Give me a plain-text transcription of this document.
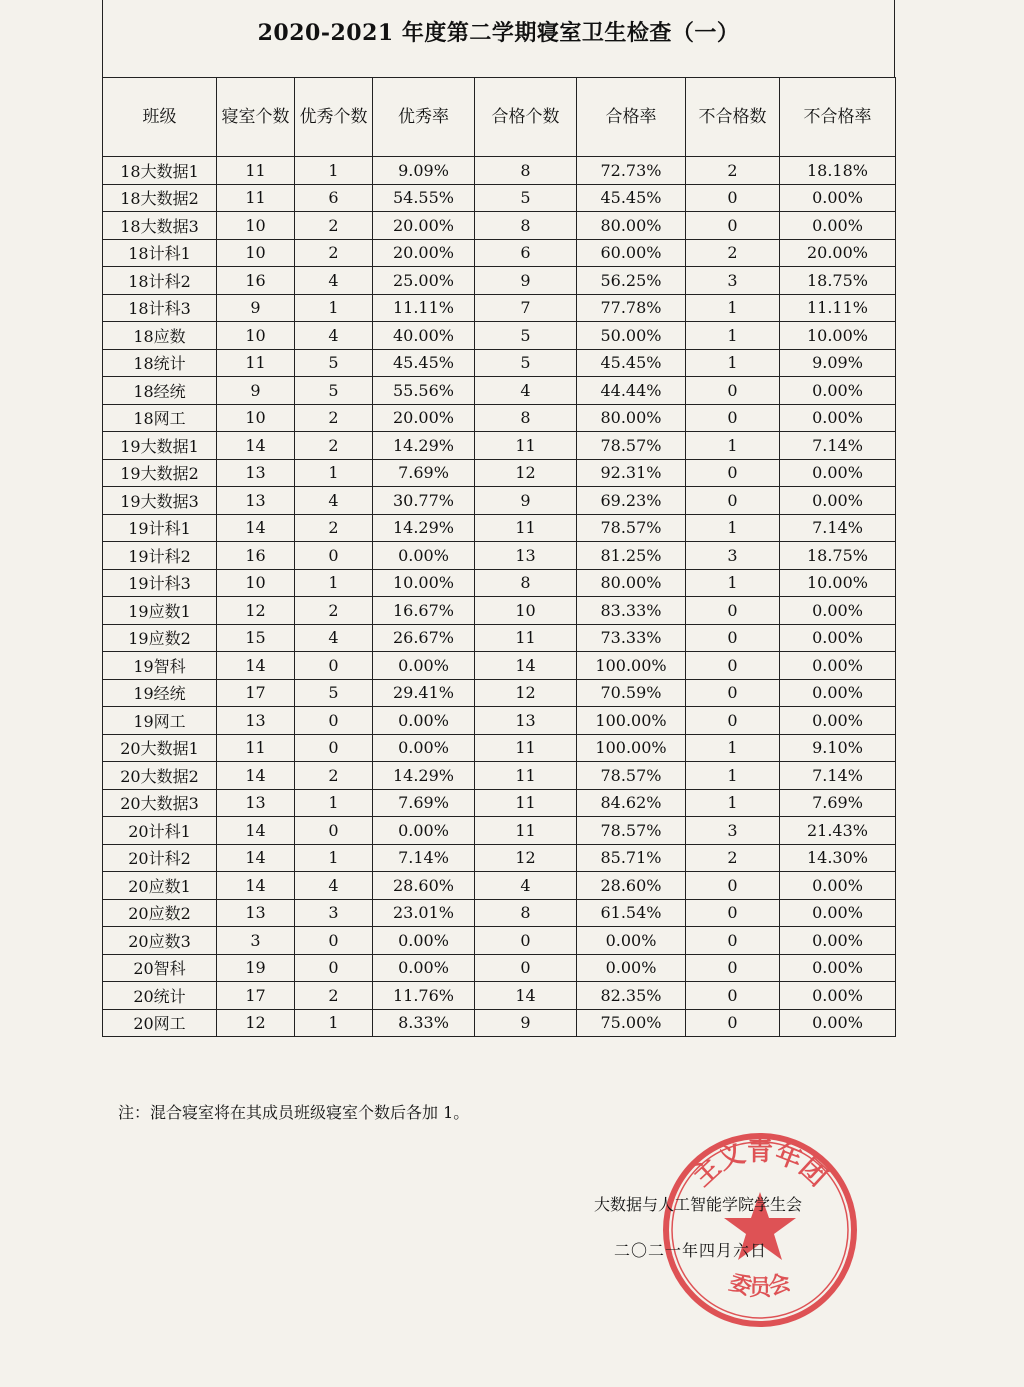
2020-2021 年度第二学期寝室卫生检查（一）
班级	寝室个数	优秀个数	优秀率	合格个数	合格率	不合格数	不合格率
18大数据1	11	1	9.09%	8	72.73%	2	18.18%
18大数据2	11	6	54.55%	5	45.45%	0	0.00%
18大数据3	10	2	20.00%	8	80.00%	0	0.00%
18计科1	10	2	20.00%	6	60.00%	2	20.00%
18计科2	16	4	25.00%	9	56.25%	3	18.75%
18计科3	9	1	11.11%	7	77.78%	1	11.11%
18应数	10	4	40.00%	5	50.00%	1	10.00%
18统计	11	5	45.45%	5	45.45%	1	9.09%
18经统	9	5	55.56%	4	44.44%	0	0.00%
18网工	10	2	20.00%	8	80.00%	0	0.00%
19大数据1	14	2	14.29%	11	78.57%	1	7.14%
19大数据2	13	1	7.69%	12	92.31%	0	0.00%
19大数据3	13	4	30.77%	9	69.23%	0	0.00%
19计科1	14	2	14.29%	11	78.57%	1	7.14%
19计科2	16	0	0.00%	13	81.25%	3	18.75%
19计科3	10	1	10.00%	8	80.00%	1	10.00%
19应数1	12	2	16.67%	10	83.33%	0	0.00%
19应数2	15	4	26.67%	11	73.33%	0	0.00%
19智科	14	0	0.00%	14	100.00%	0	0.00%
19经统	17	5	29.41%	12	70.59%	0	0.00%
19网工	13	0	0.00%	13	100.00%	0	0.00%
20大数据1	11	0	0.00%	11	100.00%	1	9.10%
20大数据2	14	2	14.29%	11	78.57%	1	7.14%
20大数据3	13	1	7.69%	11	84.62%	1	7.69%
20计科1	14	0	0.00%	11	78.57%	3	21.43%
20计科2	14	1	7.14%	12	85.71%	2	14.30%
20应数1	14	4	28.60%	4	28.60%	0	0.00%
20应数2	13	3	23.01%	8	61.54%	0	0.00%
20应数3	3	0	0.00%	0	0.00%	0	0.00%
20智科	19	0	0.00%	0	0.00%	0	0.00%
20统计	17	2	11.76%	14	82.35%	0	0.00%
20网工	12	1	8.33%	9	75.00%	0	0.00%
注：混合寝室将在其成员班级寝室个数后各加 1。
主义青年团
委员会
大数据与人工智能学院学生会
二〇二一年四月六日
